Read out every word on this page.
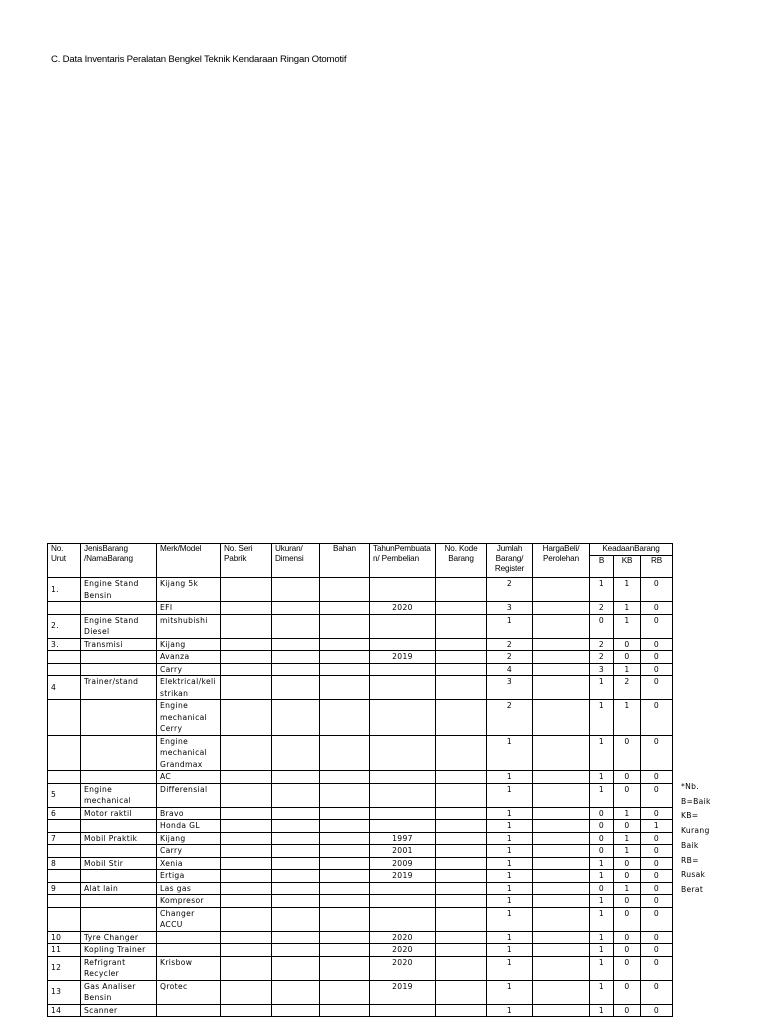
C. Data Inventaris Peralatan Bengkel Teknik Kendaraan Ringan Otomotif
No. Urut	JenisBarang /NamaBarang	Merk/Model	No. Seri Pabrik	Ukuran/ Dimensi	Bahan	TahunPembuatan/ Pembelian	No. Kode Barang	Jumlah Barang/ Register	HargaBeli/ Perolehan	KeadaanBarang		
										B	KB	RB
1.	Engine Stand Bensin	Kijang 5k						2		1	1	0
		EFI				2020		3		2	1	0
2.	Engine Stand Diesel	mitshubishi						1		0	1	0
3.	Transmisi	Kijang						2		2	0	0
		Avanza				2019		2		2	0	0
		Carry						4		3	1	0
4	Trainer/stand	Elektrical/kelistrikan						3		1	2	0
		Engine mechanical Cerry						2		1	1	0
		Engine mechanical Grandmax						1		1	0	0
		AC						1		1	0	0
5	Engine mechanical	Differensial						1		1	0	0
6	Motor raktil	Bravo						1		0	1	0
		Honda GL						1		0	0	1
7	Mobil Praktik	Kijang				1997		1		0	1	0
		Carry				2001		1		0	1	0
8	Mobil Stir	Xenia				2009		1		1	0	0
		Ertiga				2019		1		1	0	0
9	Alat lain	Las gas						1		0	1	0
		Kompresor						1		1	0	0
		Changer ACCU						1		1	0	0
10	Tyre Changer					2020		1		1	0	0
11	Kopling Trainer					2020		1		1	0	0
12	Refrigrant Recycler	Krisbow				2020		1		1	0	0
13	Gas Analiser Bensin	Qrotec				2019		1		1	0	0
14	Scanner							1		1	0	0
*Nb.
B=Baik
KB=
Kurang
Baik
RB=
Rusak
Berat
